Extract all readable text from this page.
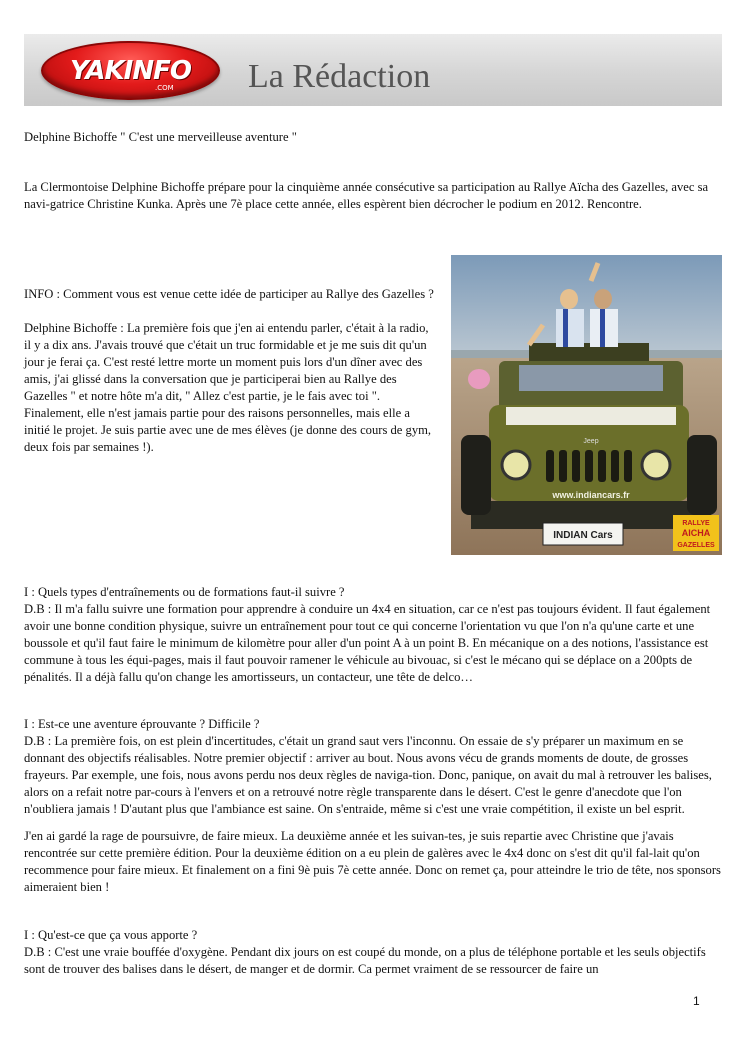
YAKINFO
.COM La Rédaction

Delphine Bichoffe " C'est une merveilleuse aventure "

La Clermontoise Delphine Bichoffe prépare pour la cinquième année consécutive sa participation au Rallye Aïcha des Gazelles, avec sa navi-gatrice Christine Kunka. Après une 7è place cette année, elles espèrent bien décrocher le podium en 2012. Rencontre.

INFO : Comment vous est venue cette idée de participer au Rallye des Gazelles ?

Delphine Bichoffe : La première fois que j'en ai entendu parler, c'était à la radio, il y a dix ans. J'avais trouvé que c'était un truc formidable et je me suis dit qu'un jour je ferai ça. C'est resté lettre morte un moment puis lors d'un dîner avec des amis, j'ai glissé dans la conversation que je participerai bien au Rallye des Gazelles " et notre hôte m'a dit, " Allez c'est partie, je le fais avec toi ". Finalement, elle n'est jamais partie pour des raisons personnelles, mais elle a initié le projet. Je suis partie avec une de mes élèves (je donne des cours de gym, deux fois par semaines !).

INDIAN Cars
www.indiancars.fr
Jeep
RALLYE
AICHA
GAZELLES

I : Quels types d'entraînements ou de formations faut-il suivre ?

D.B : Il m'a fallu suivre une formation pour apprendre à conduire un 4x4 en situation, car ce n'est pas toujours évident. Il faut également avoir une bonne condition physique, suivre un entraînement pour tout ce qui concerne l'orientation vu que l'on n'a qu'une carte et une boussole et qu'il faut faire le minimum de kilomètre pour aller d'un point A à un point B. En mécanique on a des notions, l'assistance est commune à tous les équi-pages, mais il faut pouvoir ramener le véhicule au bivouac, si c'est le mécano qui se déplace on a 200pts de pénalités. Il a déjà fallu qu'on change les amortisseurs, un contacteur, une tête de delco…

I : Est-ce une aventure éprouvante ? Difficile ?

D.B : La première fois, on est plein d'incertitudes, c'était un grand saut vers l'inconnu. On essaie de s'y préparer un maximum en se donnant des objectifs réalisables. Notre premier objectif : arriver au bout. Nous avons vécu de grands moments de doute, de grosses frayeurs. Par exemple, une fois, nous avons perdu nos deux règles de naviga-tion. Donc, panique, on avait du mal à retrouver les balises, alors on a refait notre par-cours à l'envers et on a retrouvé notre règle transparente dans le désert. C'est le genre d'anecdote que l'on n'oubliera jamais ! D'autant plus que l'ambiance est saine. On s'entraide, même si c'est une vraie compétition, il existe un bel esprit.

J'en ai gardé la rage de poursuivre, de faire mieux. La deuxième année et les suivan-tes, je suis repartie avec Christine que j'avais rencontrée sur cette première édition. Pour la deuxième édition on a eu plein de galères avec le 4x4 donc on s'est dit qu'il fal-lait qu'on recommence pour faire mieux. Et finalement on a fini 9è puis 7è cette année. Donc on remet ça, pour atteindre le trio de tête, nos sponsors aimeraient bien !

I : Qu'est-ce que ça vous apporte ?

D.B : C'est une vraie bouffée d'oxygène. Pendant dix jours on est coupé du monde, on a plus de téléphone portable et les seuls objectifs sont de trouver des balises dans le désert, de manger et de dormir. Ca permet vraiment de se ressourcer de faire un

1
